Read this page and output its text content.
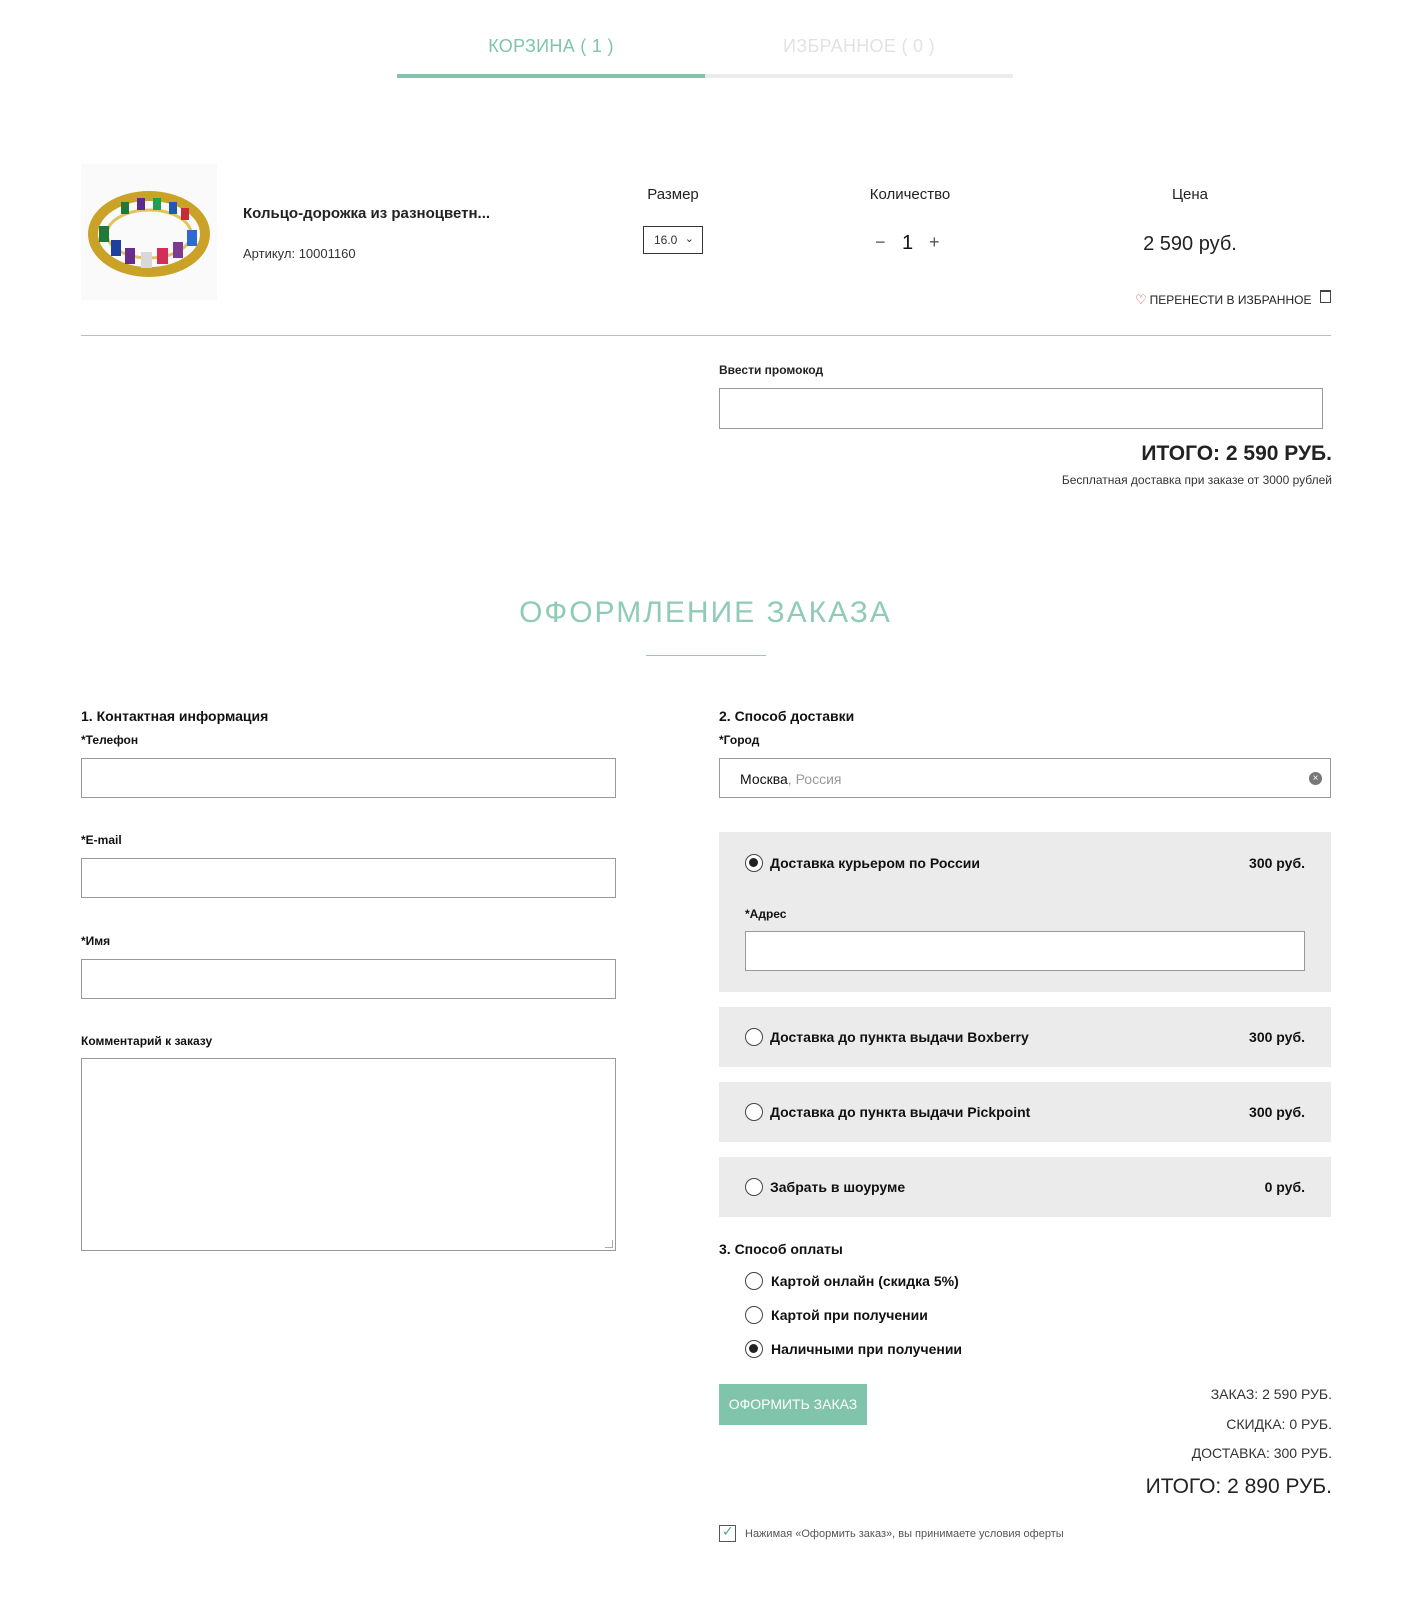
КОРЗИНА ( 1 )	ИЗБРАННОЕ ( 0 )
Кольцо-дорожка из разноцветн...
Артикул: 10001160
Размер
16.0 ⌄
Количество
− 1 +
Цена
2 590 руб.
♡ ПЕРЕНЕСТИ В ИЗБРАННОЕ
Ввести промокод
ИТОГО: 2 590 РУБ.
Бесплатная доставка при заказе от 3000 рублей
ОФОРМЛЕНИЕ ЗАКАЗА
1. Контактная информация
*Телефон
*E-mail
*Имя
Комментарий к заказу
2. Способ доставки
*Город
Москва, Россия	×
Доставка курьером по России	300 руб.
*Адрес
Доставка до пункта выдачи Boxberry	300 руб.
Доставка до пункта выдачи Pickpoint	300 руб.
Забрать в шоуруме	0 руб.
3. Способ оплаты
Картой онлайн (скидка 5%)
Картой при получении
Наличными при получении
ОФОРМИТЬ ЗАКАЗ
ЗАКАЗ: 2 590 РУБ.
СКИДКА: 0 РУБ.
ДОСТАВКА: 300 РУБ.
ИТОГО: 2 890 РУБ.
✓ Нажимая «Оформить заказ», вы принимаете условия оферты
